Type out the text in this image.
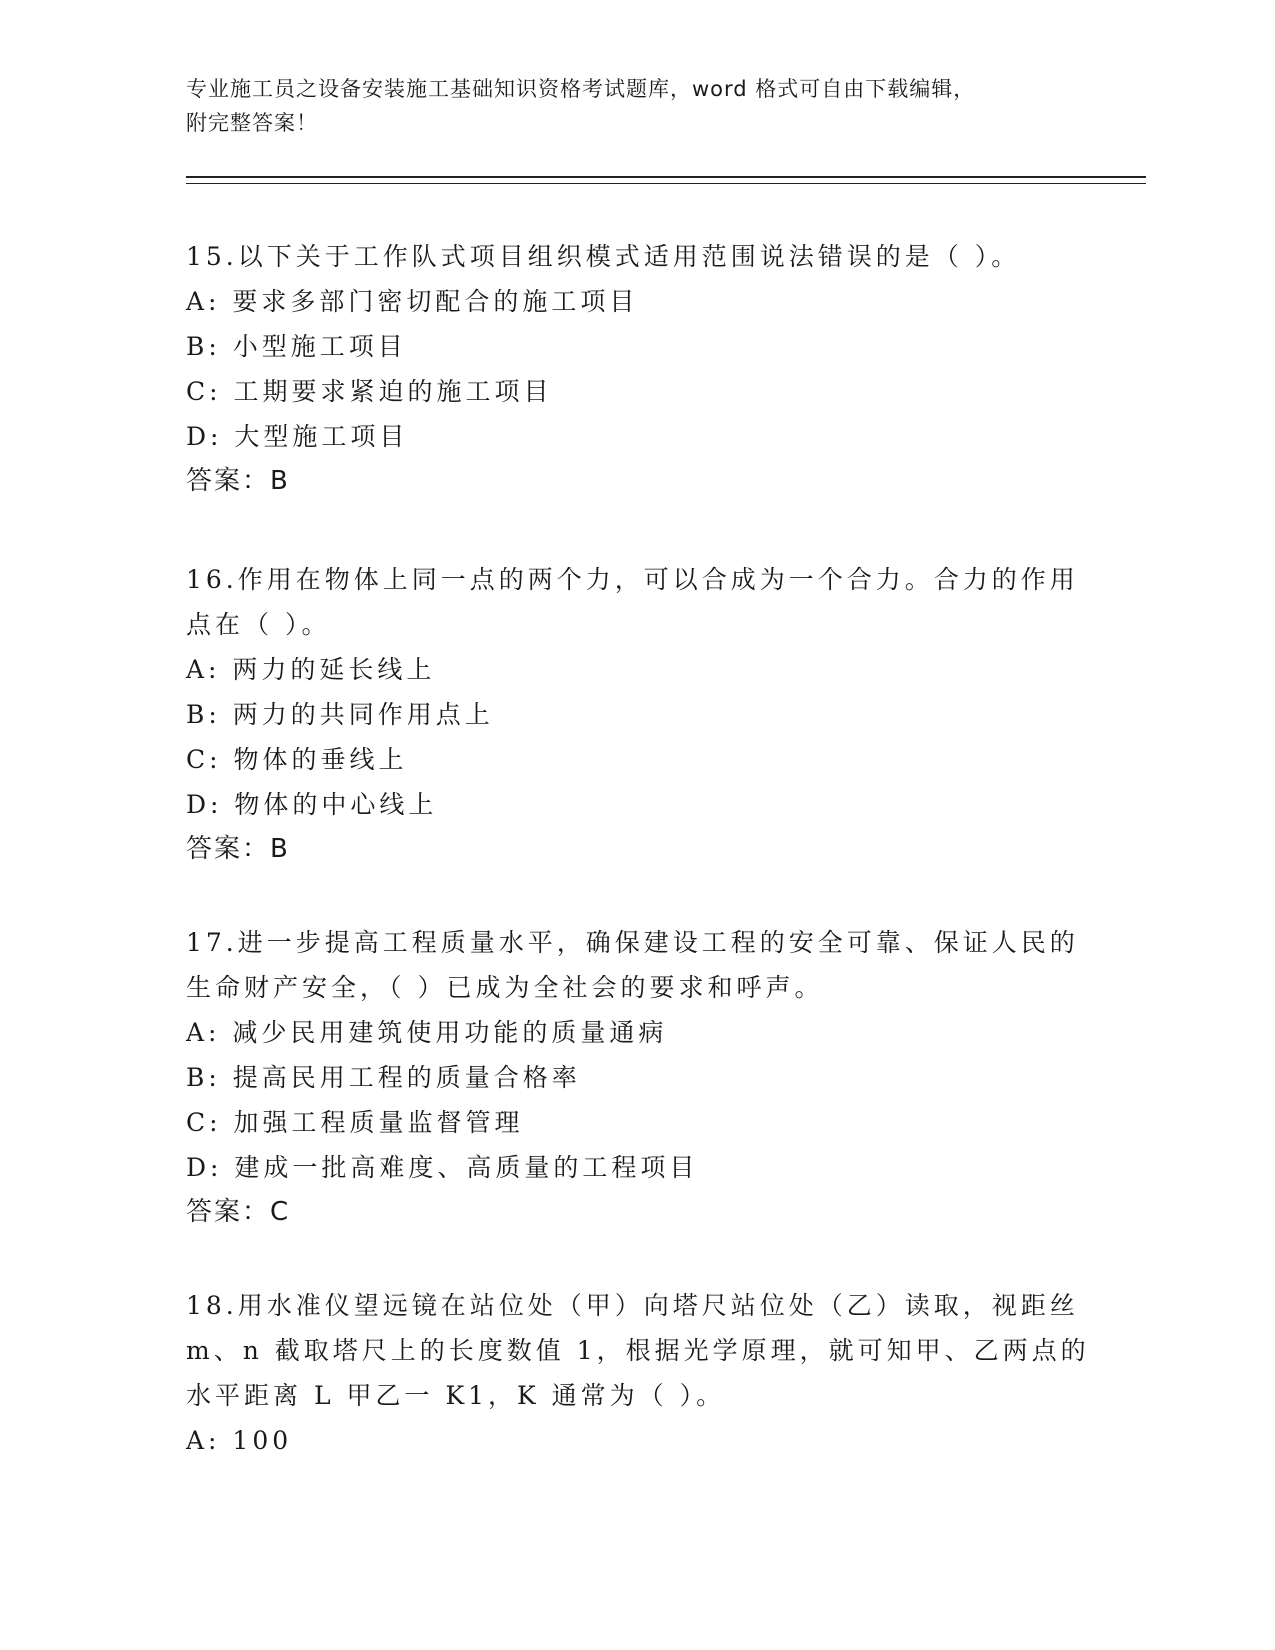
专业施工员之设备安装施工基础知识资格考试题库，word 格式可自由下载编辑，
附完整答案！
15.以下关于工作队式项目组织模式适用范围说法错误的是（ ）。
A: 要求多部门密切配合的施工项目
B: 小型施工项目
C: 工期要求紧迫的施工项目
D: 大型施工项目
答案：B
16.作用在物体上同一点的两个力，可以合成为一个合力。合力的作用
点在（ ）。
A: 两力的延长线上
B: 两力的共同作用点上
C: 物体的垂线上
D: 物体的中心线上
答案：B
17.进一步提高工程质量水平，确保建设工程的安全可靠、保证人民的
生命财产安全，（ ）已成为全社会的要求和呼声。
A: 减少民用建筑使用功能的质量通病
B: 提高民用工程的质量合格率
C: 加强工程质量监督管理
D: 建成一批高难度、高质量的工程项目
答案：C
18.用水准仪望远镜在站位处（甲）向塔尺站位处（乙）读取，视距丝
m、n 截取塔尺上的长度数值 1，根据光学原理，就可知甲、乙两点的
水平距离 L 甲乙一 K1，K 通常为（ ）。
A: 100
